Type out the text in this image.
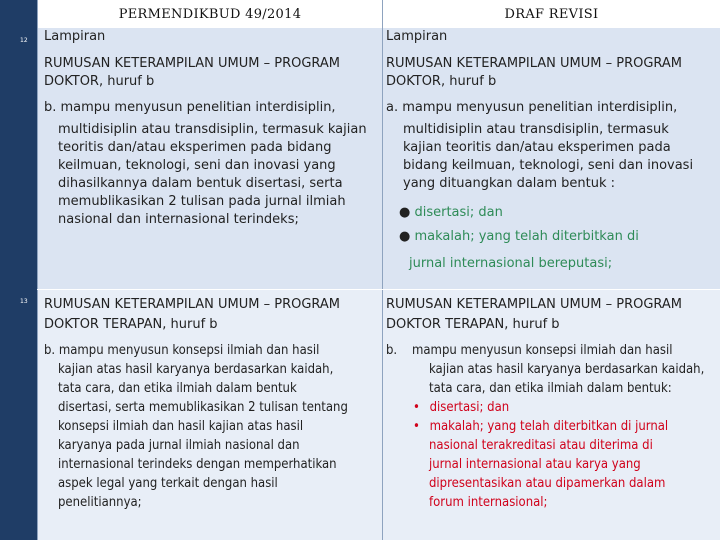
12
13
PERMENDIKBUD 49/2014	DRAF REVISI
Lampiran
RUMUSAN KETERAMPILAN UMUM – PROGRAM
DOKTOR, huruf b
b. mampu menyusun penelitian interdisiplin,
multidisiplin atau transdisiplin, termasuk kajian
teoritis dan/atau eksperimen pada bidang
keilmuan, teknologi, seni dan inovasi yang
dihasilkannya dalam bentuk disertasi, serta
memublikasikan 2 tulisan pada jurnal ilmiah
nasional dan internasional terindeks;
Lampiran
RUMUSAN KETERAMPILAN UMUM – PROGRAM
DOKTOR, huruf b
a. mampu menyusun penelitian interdisiplin,
multidisiplin atau transdisiplin, termasuk
kajian teoritis dan/atau eksperimen pada
bidang keilmuan, teknologi, seni dan inovasi
yang dituangkan dalam bentuk :
● disertasi; dan
● makalah; yang telah diterbitkan di
jurnal internasional bereputasi;
RUMUSAN KETERAMPILAN UMUM – PROGRAM
DOKTOR TERAPAN, huruf b
b. mampu menyusun konsepsi ilmiah dan hasil
kajian atas hasil karyanya berdasarkan kaidah,
tata cara, dan etika ilmiah dalam bentuk
disertasi, serta memublikasikan 2 tulisan tentang
konsepsi ilmiah dan hasil kajian atas hasil
karyanya pada jurnal ilmiah nasional dan
internasional terindeks dengan memperhatikan
aspek legal yang terkait dengan hasil
penelitiannya;
RUMUSAN KETERAMPILAN UMUM – PROGRAM
DOKTOR TERAPAN, huruf b
b. mampu menyusun konsepsi ilmiah dan hasil
kajian atas hasil karyanya berdasarkan kaidah,
tata cara, dan etika ilmiah dalam bentuk:
• disertasi; dan
• makalah; yang telah diterbitkan di jurnal
nasional terakreditasi atau diterima di
jurnal internasional atau karya yang
dipresentasikan atau dipamerkan dalam
forum internasional;
